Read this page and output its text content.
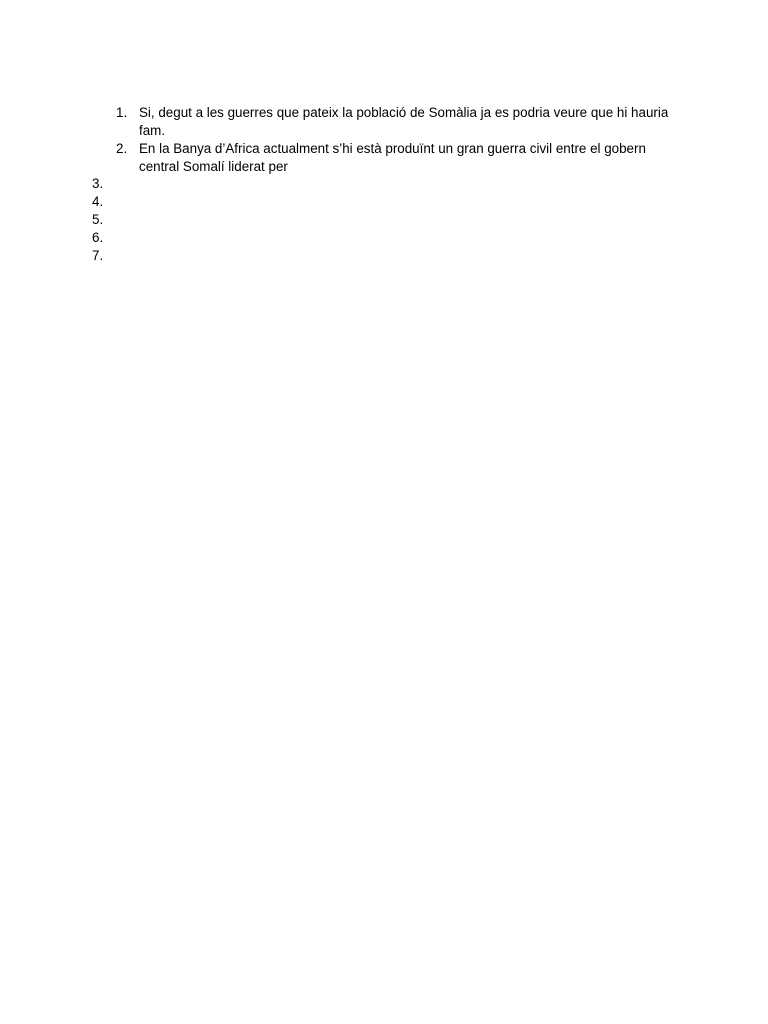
1. Si, degut a les guerres que pateix la població de Somàlia ja es podria veure que hi hauria fam.
2. En la Banya d’Africa actualment s’hi està produïnt un gran guerra civil entre el gobern central Somalí liderat per
3.
4.
5.
6.
7.
